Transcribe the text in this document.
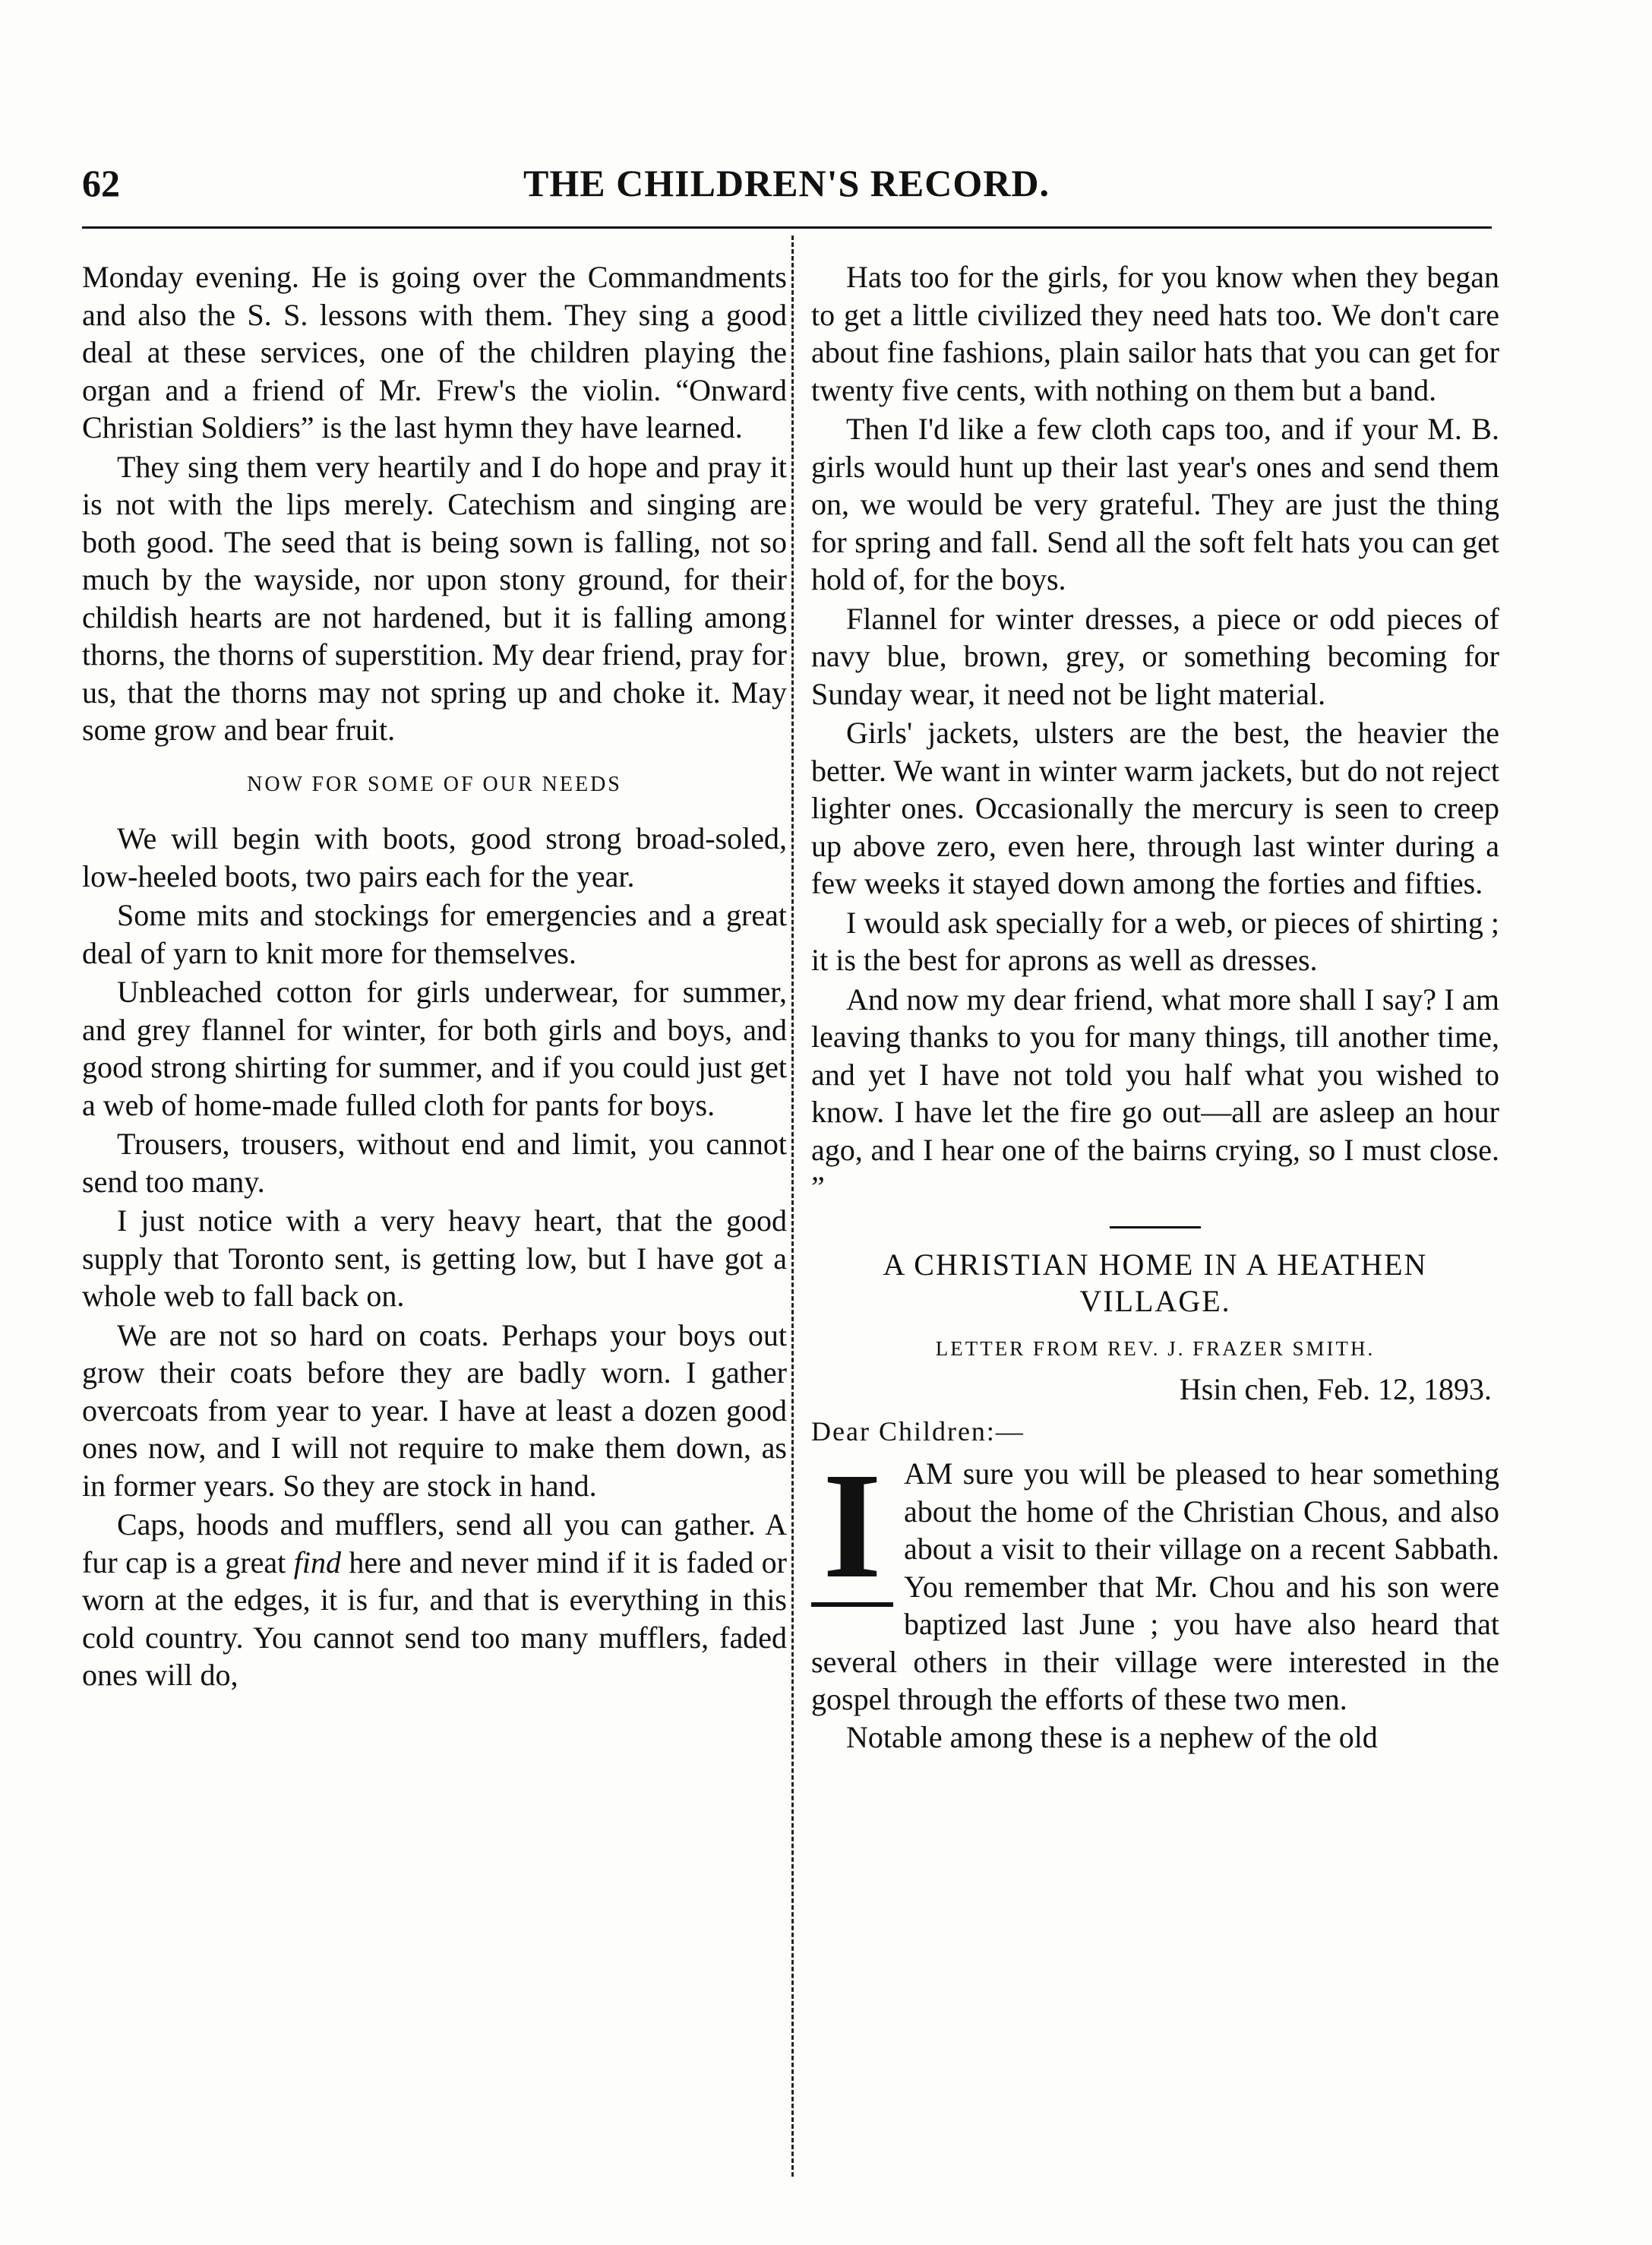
62	THE CHILDREN'S RECORD.

Monday evening. He is going over the Commandments and also the S. S. lessons with them. They sing a good deal at these services, one of the children playing the organ and a friend of Mr. Frew's the violin. “Onward Christian Soldiers” is the last hymn they have learned.

They sing them very heartily and I do hope and pray it is not with the lips merely. Catechism and singing are both good. The seed that is being sown is falling, not so much by the wayside, nor upon stony ground, for their childish hearts are not hardened, but it is falling among thorns, the thorns of superstition. My dear friend, pray for us, that the thorns may not spring up and choke it. May some grow and bear fruit.

NOW FOR SOME OF OUR NEEDS

We will begin with boots, good strong broad-soled, low-heeled boots, two pairs each for the year.

Some mits and stockings for emergencies and a great deal of yarn to knit more for themselves.

Unbleached cotton for girls underwear, for summer, and grey flannel for winter, for both girls and boys, and good strong shirting for summer, and if you could just get a web of home-made fulled cloth for pants for boys.

Trousers, trousers, without end and limit, you cannot send too many.

I just notice with a very heavy heart, that the good supply that Toronto sent, is getting low, but I have got a whole web to fall back on.

We are not so hard on coats. Perhaps your boys out grow their coats before they are badly worn. I gather overcoats from year to year. I have at least a dozen good ones now, and I will not require to make them down, as in former years. So they are stock in hand.

Caps, hoods and mufflers, send all you can gather. A fur cap is a great find here and never mind if it is faded or worn at the edges, it is fur, and that is everything in this cold country. You cannot send too many mufflers, faded ones will do,

Hats too for the girls, for you know when they began to get a little civilized they need hats too. We don't care about fine fashions, plain sailor hats that you can get for twenty five cents, with nothing on them but a band.

Then I'd like a few cloth caps too, and if your M. B. girls would hunt up their last year's ones and send them on, we would be very grateful. They are just the thing for spring and fall. Send all the soft felt hats you can get hold of, for the boys.

Flannel for winter dresses, a piece or odd pieces of navy blue, brown, grey, or something becoming for Sunday wear, it need not be light material.

Girls' jackets, ulsters are the best, the heavier the better. We want in winter warm jackets, but do not reject lighter ones. Occasionally the mercury is seen to creep up above zero, even here, through last winter during a few weeks it stayed down among the forties and fifties.

I would ask specially for a web, or pieces of shirting ; it is the best for aprons as well as dresses.

And now my dear friend, what more shall I say? I am leaving thanks to you for many things, till another time, and yet I have not told you half what you wished to know. I have let the fire go out—all are asleep an hour ago, and I hear one of the bairns crying, so I must close. ”

A CHRISTIAN HOME IN A HEATHEN VILLAGE.
LETTER FROM REV. J. FRAZER SMITH.
Hsin chen, Feb. 12, 1893.
Dear Children:—
I AM sure you will be pleased to hear something about the home of the Christian Chous, and also about a visit to their village on a recent Sabbath. You remember that Mr. Chou and his son were baptized last June ; you have also heard that several others in their village were interested in the gospel through the efforts of these two men.

Notable among these is a nephew of the old
